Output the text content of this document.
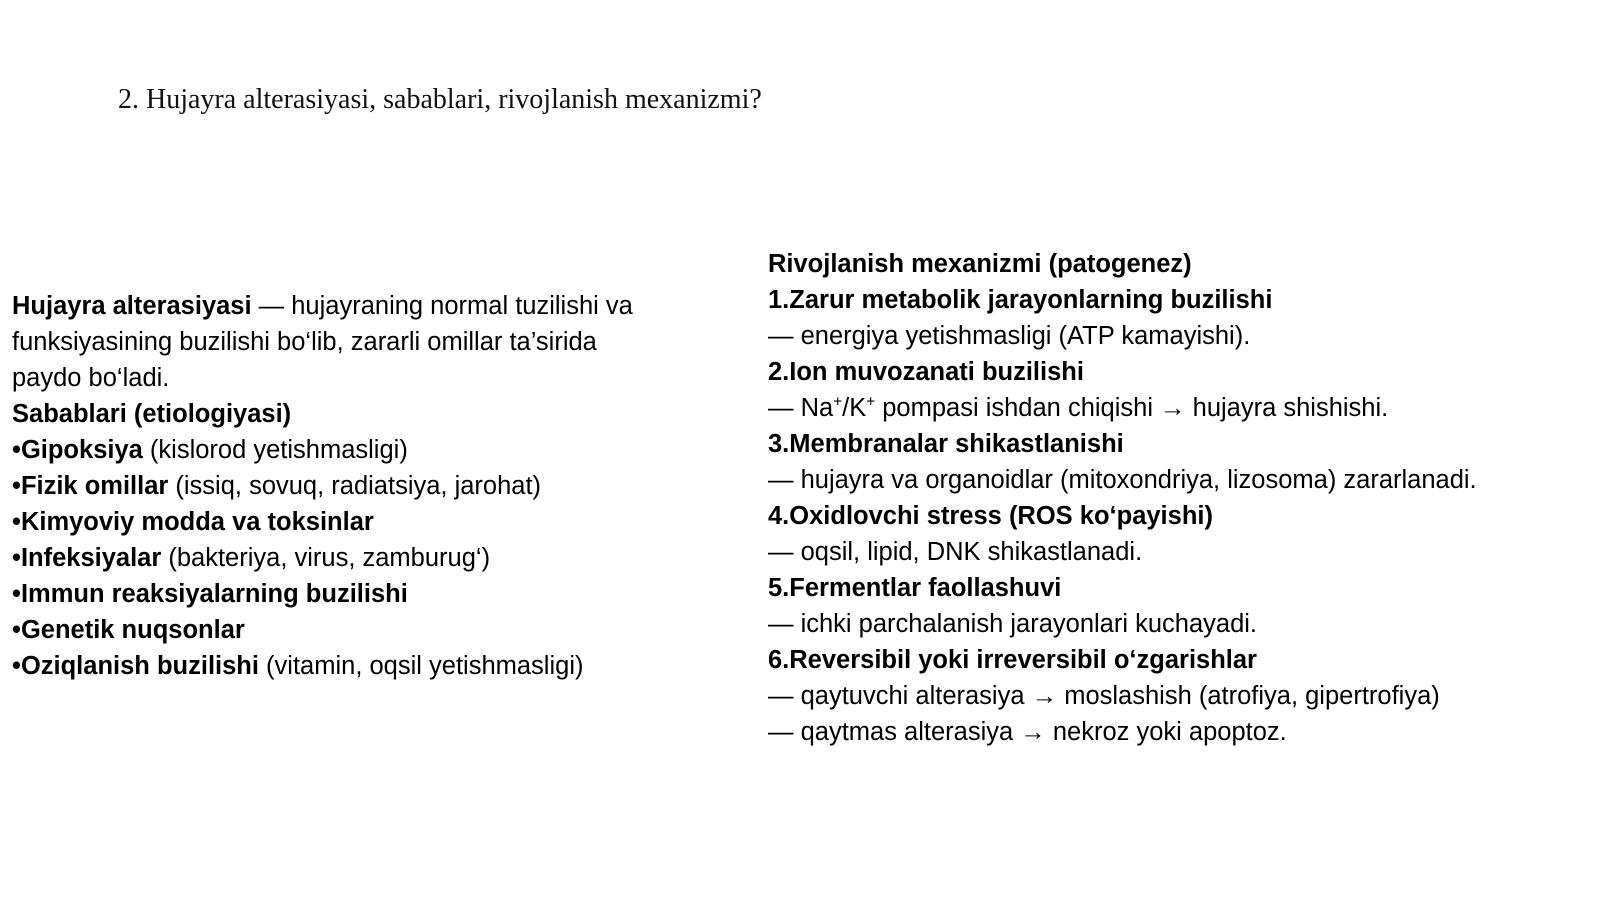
2. Hujayra alterasiyasi, sabablari, rivojlanish mexanizmi?
Hujayra alterasiyasi — hujayraning normal tuzilishi va
funksiyasining buzilishi bo‘lib, zararli omillar ta’sirida
paydo bo‘ladi.
Sabablari (etiologiyasi)
•Gipoksiya (kislorod yetishmasligi)
•Fizik omillar (issiq, sovuq, radiatsiya, jarohat)
•Kimyoviy modda va toksinlar
•Infeksiyalar (bakteriya, virus, zamburug‘)
•Immun reaksiyalarning buzilishi
•Genetik nuqsonlar
•Oziqlanish buzilishi (vitamin, oqsil yetishmasligi)
Rivojlanish mexanizmi (patogenez)
1.Zarur metabolik jarayonlarning buzilishi
— energiya yetishmasligi (ATP kamayishi).
2.Ion muvozanati buzilishi
— Na+/K+ pompasi ishdan chiqishi → hujayra shishishi.
3.Membranalar shikastlanishi
— hujayra va organoidlar (mitoxondriya, lizosoma) zararlanadi.
4.Oxidlovchi stress (ROS ko‘payishi)
— oqsil, lipid, DNK shikastlanadi.
5.Fermentlar faollashuvi
— ichki parchalanish jarayonlari kuchayadi.
6.Reversibil yoki irreversibil o‘zgarishlar
— qaytuvchi alterasiya → moslashish (atrofiya, gipertrofiya)
— qaytmas alterasiya → nekroz yoki apoptoz.
